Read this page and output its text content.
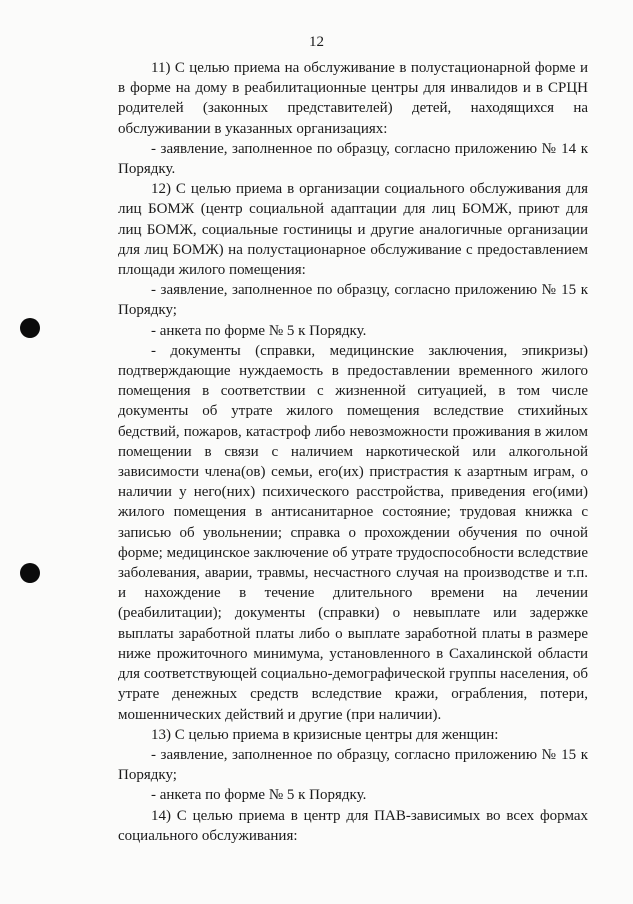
12

11) С целью приема на обслуживание в полустационарной форме и в форме на дому в реабилитационные центры для инвалидов и в СРЦН родителей (законных представителей) детей, находящихся на обслуживании в указанных организациях:

- заявление, заполненное по образцу, согласно приложению № 14 к Порядку.

12) С целью приема в организации социального обслуживания для лиц БОМЖ (центр социальной адаптации для лиц БОМЖ, приют для лиц БОМЖ, социальные гостиницы и другие аналогичные организации для лиц БОМЖ) на полустационарное обслуживание с предоставлением площади жилого помещения:

- заявление, заполненное по образцу, согласно приложению № 15 к Порядку;

- анкета по форме № 5 к Порядку.

- документы (справки, медицинские заключения, эпикризы) подтверждающие нуждаемость в предоставлении временного жилого помещения в соответствии с жизненной ситуацией, в том числе документы об утрате жилого помещения вследствие стихийных бедствий, пожаров, катастроф либо невозможности проживания в жилом помещении в связи с наличием наркотической или алкогольной зависимости члена(ов) семьи, его(их) пристрастия к азартным играм, о наличии у него(них) психического расстройства, приведения его(ими) жилого помещения в антисанитарное состояние; трудовая книжка с записью об увольнении; справка о прохождении обучения по очной форме; медицинское заключение об утрате трудоспособности вследствие заболевания, аварии, травмы, несчастного случая на производстве и т.п. и нахождение в течение длительного времени на лечении (реабилитации); документы (справки) о невыплате или задержке выплаты заработной платы либо о выплате заработной платы в размере ниже прожиточного минимума, установленного в Сахалинской области для соответствующей социально-демографической группы населения, об утрате денежных средств вследствие кражи, ограбления, потери, мошеннических действий и другие (при наличии).

13) С целью приема в кризисные центры для женщин:

- заявление, заполненное по образцу, согласно приложению № 15 к Порядку;

- анкета по форме № 5 к Порядку.

14) С целью приема в центр для ПАВ-зависимых во всех формах социального обслуживания:
